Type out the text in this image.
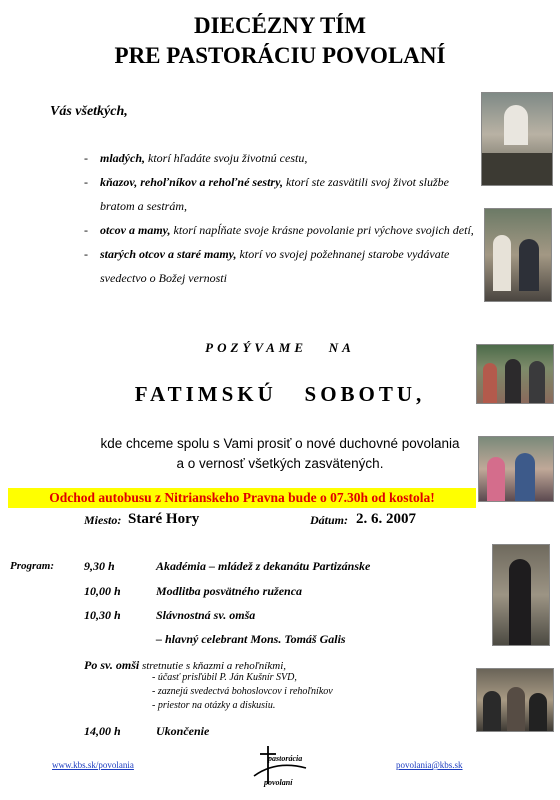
DIECÉZNY TÍM
PRE PASTORÁCIU POVOLANÍ
Vás všetkých,
- mladých, ktorí hľadáte svoju životnú cestu,
- kňazov, rehoľníkov a rehoľné sestry, ktorí ste zasvätili svoj život službe bratom a sestrám,
- otcov a mamy, ktorí napĺňate svoje krásne povolanie pri výchove svojich detí,
- starých otcov a staré mamy, ktorí vo svojej požehnanej starobe vydávate svedectvo o Božej vernosti
POZÝVAME   NA
FATIMSKÚ   SOBOTU,
kde chceme spolu s Vami prosiť o nové duchovné povolania
a o vernosť všetkých zasvätených.
Odchod autobusu z Nitrianskeho Pravna bude o 07.30h od kostola!
Miesto: Staré Hory	Dátum: 2. 6. 2007
Program:	9,30 h	Akadémia – mládež z dekanátu Partizánske
10,00 h	Modlitba posvätného ruženca
10,30 h	Slávnostná sv. omša
– hlavný celebrant Mons. Tomáš Galis
Po sv. omši stretnutie s kňazmi a rehoľníkmi,
- účasť prisľúbil P. Ján Kušnír SVD,
- zaznejú svedectvá bohoslovcov i rehoľníkov
- priestor na otázky a diskusiu.
14,00 h	Ukončenie
www.kbs.sk/povolania	povolania@kbs.sk
pastorácia
povolaní
